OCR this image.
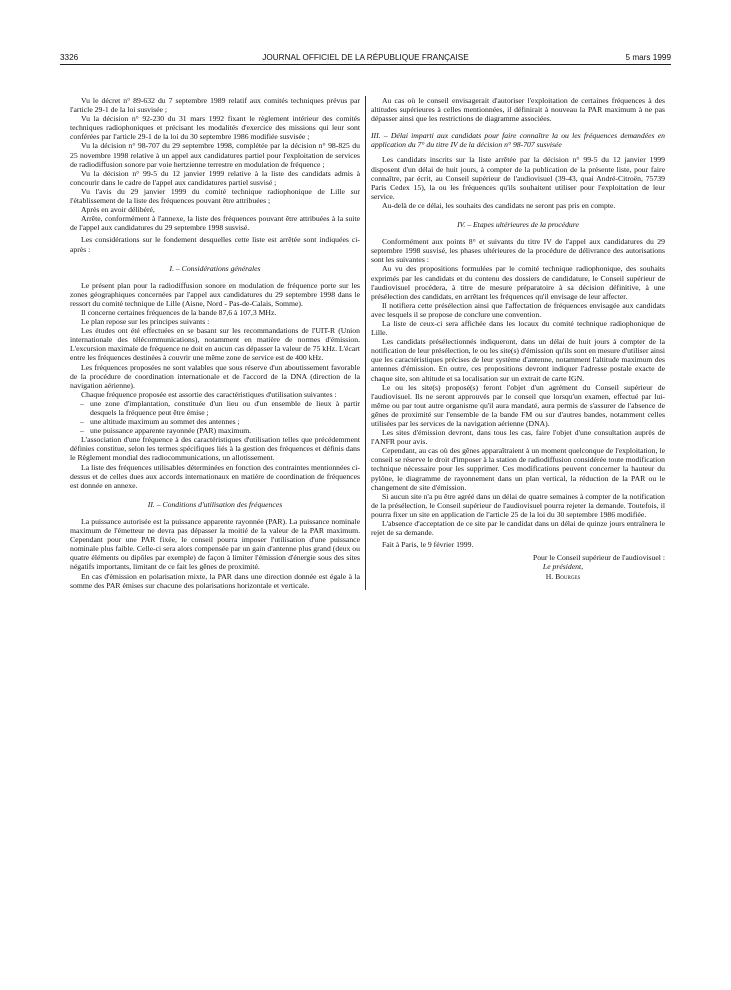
3326	JOURNAL OFFICIEL DE LA RÉPUBLIQUE FRANÇAISE	5 mars 1999

Vu le décret n° 89-632 du 7 septembre 1989 relatif aux comités techniques prévus par l'article 29-1 de la loi susvisée ;

Vu la décision n° 92-230 du 31 mars 1992 fixant le règlement intérieur des comités techniques radiophoniques et précisant les modalités d'exercice des missions qui leur sont conférées par l'article 29-1 de la loi du 30 septembre 1986 modifiée susvisée ;

Vu la décision n° 98-707 du 29 septembre 1998, complétée par la décision n° 98-825 du 25 novembre 1998 relative à un appel aux candidatures partiel pour l'exploitation de services de radiodiffusion sonore par voie hertzienne terrestre en modulation de fréquence ;

Vu la décision n° 99-5 du 12 janvier 1999 relative à la liste des candidats admis à concourir dans le cadre de l'appel aux candidatures partiel susvisé ;

Vu l'avis du 29 janvier 1999 du comité technique radiophonique de Lille sur l'établissement de la liste des fréquences pouvant être attribuées ;

Après en avoir délibéré,

Arrête, conformément à l'annexe, la liste des fréquences pouvant être attribuées à la suite de l'appel aux candidatures du 29 septembre 1998 susvisé.

Les considérations sur le fondement desquelles cette liste est arrêtée sont indiquées ci-après :

I. – Considérations générales

Le présent plan pour la radiodiffusion sonore en modulation de fréquence porte sur les zones géographiques concernées par l'appel aux candidatures du 29 septembre 1998 dans le ressort du comité technique de Lille (Aisne, Nord - Pas-de-Calais, Somme).

Il concerne certaines fréquences de la bande 87,6 à 107,3 MHz.

Le plan repose sur les principes suivants :

Les études ont été effectuées en se basant sur les recommandations de l'UIT-R (Union internationale des télécommunications), notamment en matière de normes d'émission. L'excursion maximale de fréquence ne doit en aucun cas dépasser la valeur de 75 kHz. L'écart entre les fréquences destinées à couvrir une même zone de service est de 400 kHz.

Les fréquences proposées ne sont valables que sous réserve d'un aboutissement favorable de la procédure de coordination internationale et de l'accord de la DNA (direction de la navigation aérienne).

Chaque fréquence proposée est assortie des caractéristiques d'utilisation suivantes :

– une zone d'implantation, constituée d'un lieu ou d'un ensemble de lieux à partir desquels la fréquence peut être émise ;
– une altitude maximum au sommet des antennes ;
– une puissance apparente rayonnée (PAR) maximum.

L'association d'une fréquence à des caractéristiques d'utilisation telles que précédemment définies constitue, selon les termes spécifiques liés à la gestion des fréquences et définis dans le Règlement mondial des radiocommunications, un allotissement.

La liste des fréquences utilisables déterminées en fonction des contraintes mentionnées ci-dessus et de celles dues aux accords internationaux en matière de coordination de fréquences est donnée en annexe.

II. – Conditions d'utilisation des fréquences

La puissance autorisée est la puissance apparente rayonnée (PAR). La puissance nominale maximum de l'émetteur ne devra pas dépasser la moitié de la valeur de la PAR maximum. Cependant pour une PAR fixée, le conseil pourra imposer l'utilisation d'une puissance nominale plus faible. Celle-ci sera alors compensée par un gain d'antenne plus grand (deux ou quatre éléments ou dipôles par exemple) de façon à limiter l'émission d'énergie sous des sites négatifs importants, limitant de ce fait les gênes de proximité.

En cas d'émission en polarisation mixte, la PAR dans une direction donnée est égale à la somme des PAR émises sur chacune des polarisations horizontale et verticale.

Au cas où le conseil envisagerait d'autoriser l'exploitation de certaines fréquences à des altitudes supérieures à celles mentionnées, il définirait à nouveau la PAR maximum à ne pas dépasser ainsi que les restrictions de diagramme associées.

III. – Délai imparti aux candidats pour faire connaître la ou les fréquences demandées en application du 7° du titre IV de la décision n° 98-707 susvisée

Les candidats inscrits sur la liste arrêtée par la décision n° 99-5 du 12 janvier 1999 disposent d'un délai de huit jours, à compter de la publication de la présente liste, pour faire connaître, par écrit, au Conseil supérieur de l'audiovisuel (39-43, quai André-Citroën, 75739 Paris Cedex 15), la ou les fréquences qu'ils souhaitent utiliser pour l'exploitation de leur service.

Au-delà de ce délai, les souhaits des candidats ne seront pas pris en compte.

IV. – Etapes ultérieures de la procédure

Conformément aux points 8° et suivants du titre IV de l'appel aux candidatures du 29 septembre 1998 susvisé, les phases ultérieures de la procédure de délivrance des autorisations sont les suivantes :

Au vu des propositions formulées par le comité technique radiophonique, des souhaits exprimés par les candidats et du contenu des dossiers de candidature, le Conseil supérieur de l'audiovisuel procédera, à titre de mesure préparatoire à sa décision définitive, à une présélection des candidats, en arrêtant les fréquences qu'il envisage de leur affecter.

Il notifiera cette présélection ainsi que l'affectation de fréquences envisagée aux candidats avec lesquels il se propose de conclure une convention.

La liste de ceux-ci sera affichée dans les locaux du comité technique radiophonique de Lille.

Les candidats présélectionnés indiqueront, dans un délai de huit jours à compter de la notification de leur présélection, le ou les site(s) d'émission qu'ils sont en mesure d'utiliser ainsi que les caractéristiques précises de leur système d'antenne, notamment l'altitude maximum des antennes d'émission. En outre, ces propositions devront indiquer l'adresse postale exacte de chaque site, son altitude et sa localisation sur un extrait de carte IGN.

Le ou les site(s) proposé(s) feront l'objet d'un agrément du Conseil supérieur de l'audiovisuel. Ils ne seront approuvés par le conseil que lorsqu'un examen, effectué par lui-même ou par tout autre organisme qu'il aura mandaté, aura permis de s'assurer de l'absence de gênes de proximité sur l'ensemble de la bande FM ou sur d'autres bandes, notamment celles utilisées par les services de la navigation aérienne (DNA).

Les sites d'émission devront, dans tous les cas, faire l'objet d'une consultation auprès de l'ANFR pour avis.

Cependant, au cas où des gênes apparaîtraient à un moment quelconque de l'exploitation, le conseil se réserve le droit d'imposer à la station de radiodiffusion considérée toute modification technique nécessaire pour les supprimer. Ces modifications peuvent concerner la hauteur du pylône, le diagramme de rayonnement dans un plan vertical, la réduction de la PAR ou le changement de site d'émission.

Si aucun site n'a pu être agréé dans un délai de quatre semaines à compter de la notification de la présélection, le Conseil supérieur de l'audiovisuel pourra rejeter la demande. Toutefois, il pourra fixer un site en application de l'article 25 de la loi du 30 septembre 1986 modifiée.

L'absence d'acceptation de ce site par le candidat dans un délai de quinze jours entraînera le rejet de sa demande.

Fait à Paris, le 9 février 1999.

Pour le Conseil supérieur de l'audiovisuel :
Le président,
H. Bourges
